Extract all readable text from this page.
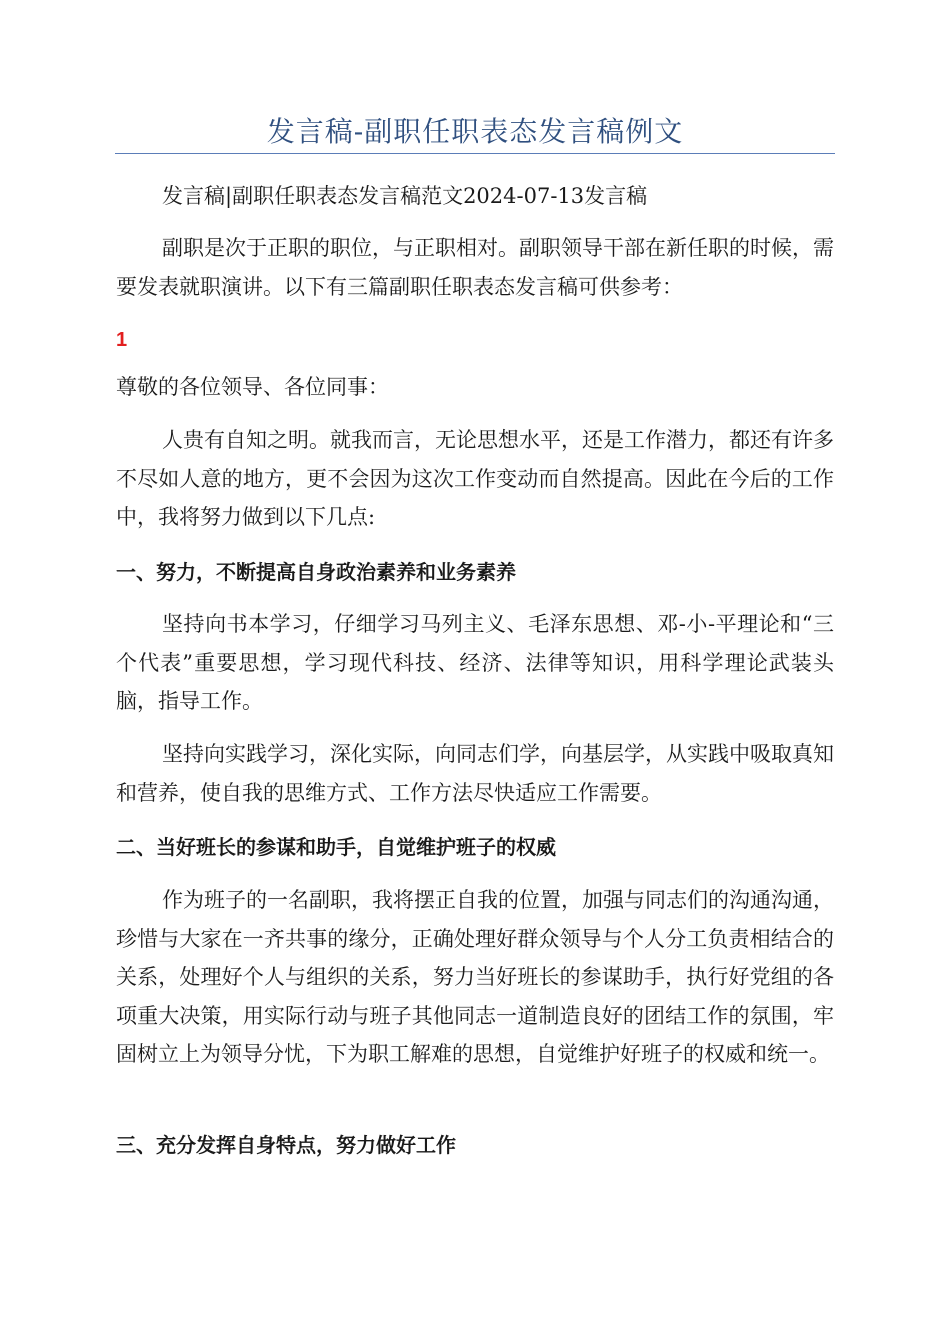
发言稿-副职任职表态发言稿例文

发言稿|副职任职表态发言稿范文2024-07-13发言稿

副职是次于正职的职位，与正职相对。副职领导干部在新任职的时候，需要发表就职演讲。以下有三篇副职任职表态发言稿可供参考：

1

尊敬的各位领导、各位同事：

人贵有自知之明。就我而言，无论思想水平，还是工作潜力，都还有许多不尽如人意的地方，更不会因为这次工作变动而自然提高。因此在今后的工作中，我将努力做到以下几点:

一、努力，不断提高自身政治素养和业务素养

坚持向书本学习，仔细学习马列主义、毛泽东思想、邓-小-平理论和“三个代表”重要思想，学习现代科技、经济、法律等知识，用科学理论武装头脑，指导工作。

坚持向实践学习，深化实际，向同志们学，向基层学，从实践中吸取真知和营养，使自我的思维方式、工作方法尽快适应工作需要。

二、当好班长的参谋和助手，自觉维护班子的权威

作为班子的一名副职，我将摆正自我的位置，加强与同志们的沟通沟通，珍惜与大家在一齐共事的缘分，正确处理好群众领导与个人分工负责相结合的关系，处理好个人与组织的关系，努力当好班长的参谋助手，执行好党组的各项重大决策，用实际行动与班子其他同志一道制造良好的团结工作的氛围，牢固树立上为领导分忧，下为职工解难的思想，自觉维护好班子的权威和统一。

三、充分发挥自身特点，努力做好工作
